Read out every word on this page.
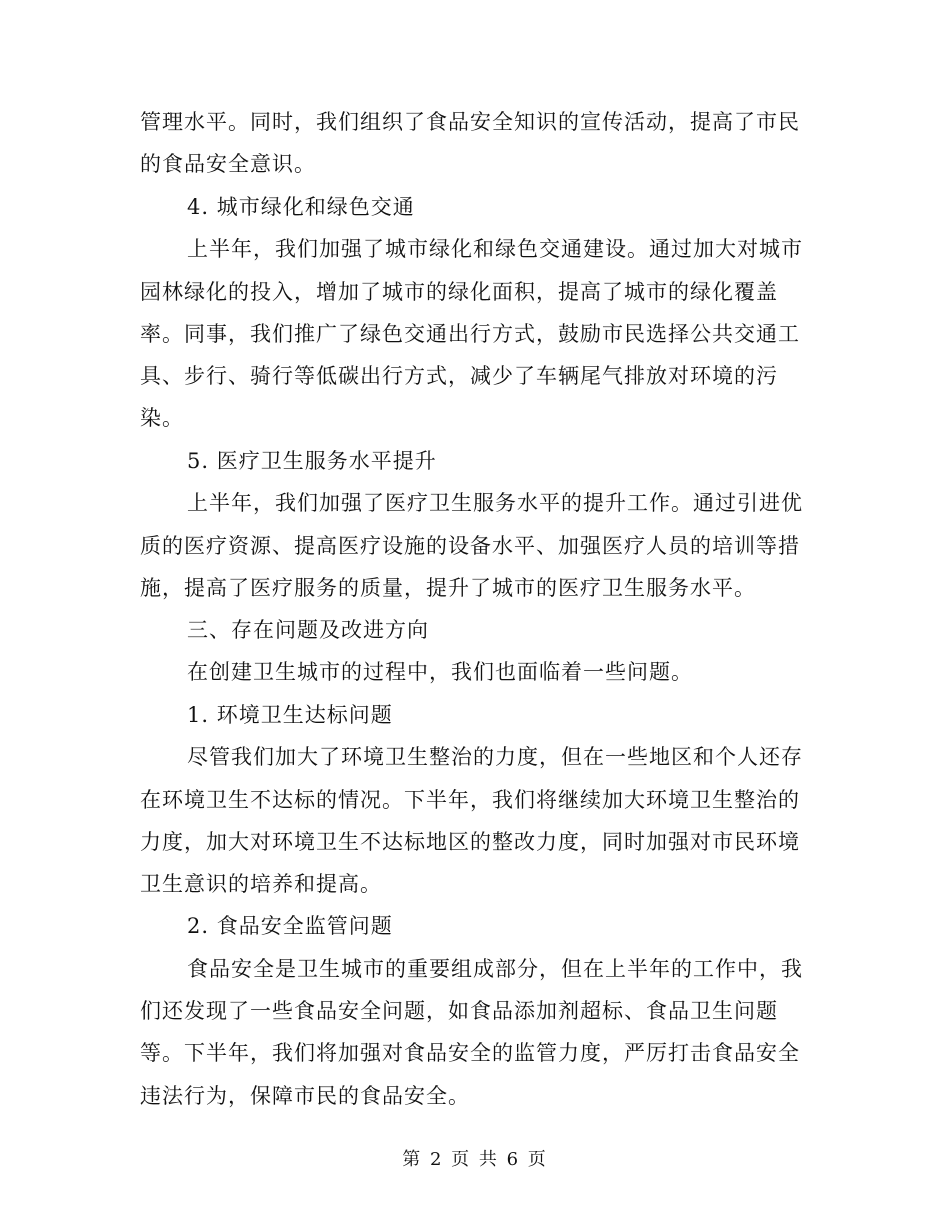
管理水平。同时，我们组织了食品安全知识的宣传活动，提高了市民
的食品安全意识。
4. 城市绿化和绿色交通
上半年，我们加强了城市绿化和绿色交通建设。通过加大对城市
园林绿化的投入，增加了城市的绿化面积，提高了城市的绿化覆盖
率。同事，我们推广了绿色交通出行方式，鼓励市民选择公共交通工
具、步行、骑行等低碳出行方式，减少了车辆尾气排放对环境的污
染。
5. 医疗卫生服务水平提升
上半年，我们加强了医疗卫生服务水平的提升工作。通过引进优
质的医疗资源、提高医疗设施的设备水平、加强医疗人员的培训等措
施，提高了医疗服务的质量，提升了城市的医疗卫生服务水平。
三、存在问题及改进方向
在创建卫生城市的过程中，我们也面临着一些问题。
1. 环境卫生达标问题
尽管我们加大了环境卫生整治的力度，但在一些地区和个人还存
在环境卫生不达标的情况。下半年，我们将继续加大环境卫生整治的
力度，加大对环境卫生不达标地区的整改力度，同时加强对市民环境
卫生意识的培养和提高。
2. 食品安全监管问题
食品安全是卫生城市的重要组成部分，但在上半年的工作中，我
们还发现了一些食品安全问题，如食品添加剂超标、食品卫生问题
等。下半年，我们将加强对食品安全的监管力度，严厉打击食品安全
违法行为，保障市民的食品安全。
第 2 页 共 6 页
